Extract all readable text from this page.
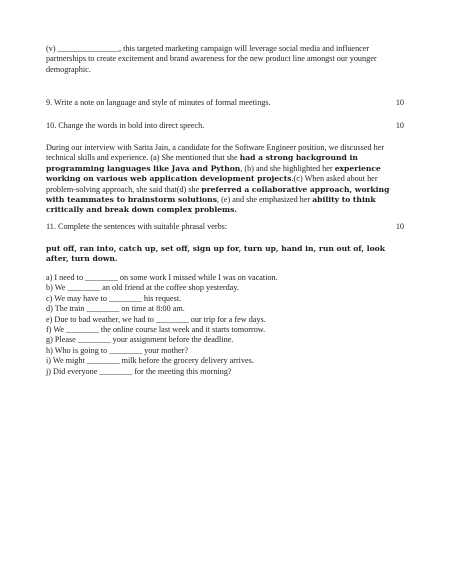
(v) _______________, this targeted marketing campaign will leverage social media and influencer partnerships to create excitement and brand awareness for the new product line amongst our younger demographic.
9. Write a note on language and style of minutes of formal meetings.	10
10. Change the words in bold into direct speech.	10
During our interview with Sarita Jain, a candidate for the Software Engineer position, we discussed her technical skills and experience. (a) She mentioned that she had a strong background in programming languages like Java and Python, (b) and she highlighted her experience working on various web application development projects.(c) When asked about her problem-solving approach, she said that(d) she preferred a collaborative approach, working with teammates to brainstorm solutions, (e) and she emphasized her ability to think critically and break down complex problems.
11. Complete the sentences with suitable phrasal verbs:	10
put off, ran into, catch up, set off, sign up for, turn up, hand in, run out of, look after, turn down.
a) I need to ________ on some work I missed while I was on vacation.
b) We ________ an old friend at the coffee shop yesterday.
c) We may have to ________ his request.
d) The train ________ on time at 8:00 am.
e) Due to bad weather, we had to ________ our trip for a few days.
f) We ________ the online course last week and it starts tomorrow.
g) Please ________ your assignment before the deadline.
h) Who is going to ________ your mother?
i) We might ________ milk before the grocery delivery arrives.
j) Did everyone ________ for the meeting this morning?
